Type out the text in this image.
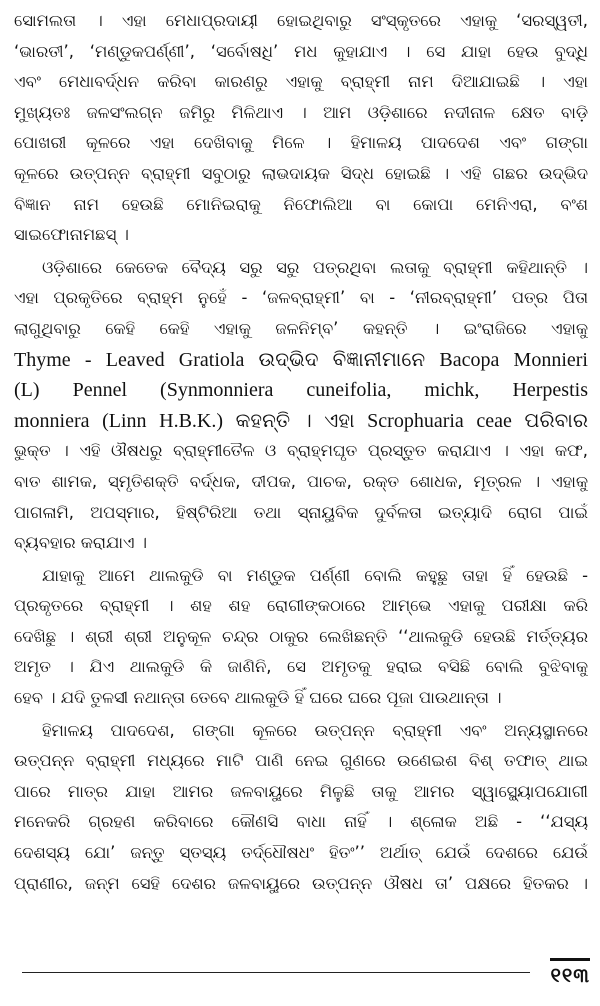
ସୋମଲତା । ଏହା ମେଧାପ୍ରଦାୟୀ ହୋଇଥିବାରୁ ସଂସ୍କୃତରେ ଏହାକୁ ‘ସରସ୍ୱତୀ,
‘ଭାରତୀ’, ‘ମଣ୍ଡୁକପର୍ଣ୍ଣୀ’, ‘ସର୍ବୋଷଧି’ ମଧ କୁହାଯାଏ । ସେ ଯାହା ହେଉ ବୁଦ୍ଧି
ଏବଂ ମେଧାବର୍ଦ୍ଧନ କରିବା କାରଣରୁ ଏହାକୁ ବ୍ରାହ୍ମୀ ନାମ ଦିଆଯାଇଛି । ଏହା
ମୁଖ୍ୟତଃ ଜଳସଂଲଗ୍ନ ଜମିରୁ ମିଳିଥାଏ । ଆମ ଓଡ଼ିଶାରେ ନଦୀନାଳ କ୍ଷେତ ବାଡ଼ି
ପୋଖରୀ କୂଳରେ ଏହା ଦେଖିବାକୁ ମିଳେ । ହିମାଳୟ ପାଦଦେଶ ଏବଂ ଗଙ୍ଗା
କୂଳରେ ଉତ୍ପନ୍ନ ବ୍ରାହ୍ମୀ ସବୁଠାରୁ ଲାଭଦାୟକ ସିଦ୍ଧ ହୋଇଛି । ଏହି ଗଛର ଉଦ୍ଭିଦ
ବିଜ୍ଞାନ ନାମ ହେଉଛି ମୋନିଇରାକୁ ନିଫୋଲିଆ ବା କୋପା ମେନିଏରା, ବଂଶ
ସାଇଫୋନାମଛସ୍ ।
ଓଡ଼ିଶାରେ କେତେକ ବୈଦ୍ୟ ସରୁ ସରୁ ପତ୍ରଥିବା ଲତାକୁ ବ୍ରାହ୍ମୀ କହିଥାନ୍ତି ।
ଏହା ପ୍ରକୃତିରେ ବ୍ରାହ୍ମ ନୁହେଁ - ‘ଜଳବ୍ରାହ୍ମୀ’ ବା - ‘ନୀରବ୍ରାହ୍ମୀ’ ପତ୍ର ପିତା
ଲାଗୁଥିବାରୁ କେହି କେହି ଏହାକୁ ଜଳନିମ୍ବ’ କହନ୍ତି । ଇଂରାଜିରେ ଏହାକୁ
Thyme - Leaved Gratiola ଉଦ୍ଭିଦ ବିଜ୍ଞାନୀମାନେ Bacopa Monnieri
(L) Pennel (Synmonniera cuneifolia, michk, Herpestis
monniera (Linn H.B.K.) କହନ୍ତି । ଏହା Scrophuaria ceae ପରିବାର
ଭୁକ୍ତ । ଏହି ଔଷଧରୁ ବ୍ରାହ୍ମୀତୈଳ ଓ ବ୍ରାହ୍ମଘୃତ ପ୍ରସ୍ତୁତ କରାଯାଏ । ଏହା କଫ,
ବାତ ଶାମକ, ସ୍ମୃତିଶକ୍ତି ବର୍ଦ୍ଧକ, ଦୀପକ, ପାଚକ, ରକ୍ତ ଶୋଧକ, ମୂତ୍ରଳ । ଏହାକୁ
ପାଗଳାମି, ଅପସ୍ମାର, ହିଷ୍ଟିରିଆ ତଥା ସ୍ନାୟୁବିକ ଦୁର୍ବଳତା ଇତ୍ୟାଦି ରୋଗ ପାଇଁ
ବ୍ୟବହାର କରାଯାଏ ।
ଯାହାକୁ ଆମେ ଥାଲକୁଡି ବା ମଣ୍ଡୁକ ପର୍ଣ୍ଣୀ ବୋଲି କହୁଛୁ ତାହା ହିଁ ହେଉଛି -
ପ୍ରକୃତରେ ବ୍ରାହ୍ମୀ । ଶହ ଶହ ରୋଗୀଙ୍କଠାରେ ଆମ୍ଭେ ଏହାକୁ ପରୀକ୍ଷା କରି
ଦେଖିଛୁ । ଶ୍ରୀ ଶ୍ରୀ ଅନୁକୂଳ ଚନ୍ଦ୍ର ଠାକୁର ଲେଖିଛନ୍ତି ‘‘ଥାଲକୁଡି ହେଉଛି ମର୍ତ୍ତ୍ୟର
ଅମୃତ । ଯିଏ ଥାଲକୁଡି କି ଜାଣିନି, ସେ ଅମୃତକୁ ହରାଇ ବସିଛି ବୋଲି ବୁଝିବାକୁ
ହେବ । ଯଦି ତୁଳସୀ ନଥାନ୍ତା ତେବେ ଥାଲକୁଡି ହିଁ ଘରେ ଘରେ ପୂଜା ପାଉଥାନ୍ତା ।
ହିମାଳୟ ପାଦଦେଶ, ଗଙ୍ଗା କୂଳରେ ଉତ୍ପନ୍ନ ବ୍ରାହ୍ମୀ ଏବଂ ଅନ୍ୟସ୍ଥାନରେ
ଉତ୍ପନ୍ନ ବ୍ରାହ୍ମୀ ମଧ୍ୟରେ ମାଟି ପାଣି ନେଇ ଗୁଣରେ ଉଣେଇଶ ବିଶ୍ ତଫାତ୍ ଥାଇ
ପାରେ ମାତ୍ର ଯାହା ଆମର ଜଳବାୟୁରେ ମିଳୁଛି ତାକୁ ଆମର ସ୍ୱାସ୍ଥ୍ୟୋପଯୋଗୀ
ମନେକରି ଗ୍ରହଣ କରିବାରେ କୌଣସି ବାଧା ନାହିଁ । ଶ୍ଳୋକ ଅଛି - ‘‘ଯସ୍ୟ
ଦେଶସ୍ୟ ଯୋ’ ଜନ୍ତୁ ସ୍ତସ୍ୟ ତର୍ଦ୍ଧୌଷଧଂ ହିତଂ’’ ଅର୍ଥାତ୍ ଯେଉଁ ଦେଶରେ ଯେଉଁ
ପ୍ରାଣୀର, ଜନ୍ମ ସେହି ଦେଶର ଜଳବାୟୁରେ ଉତ୍ପନ୍ନ ଔଷଧ ତା’ ପକ୍ଷରେ ହିତକର ।
୧୧୩
